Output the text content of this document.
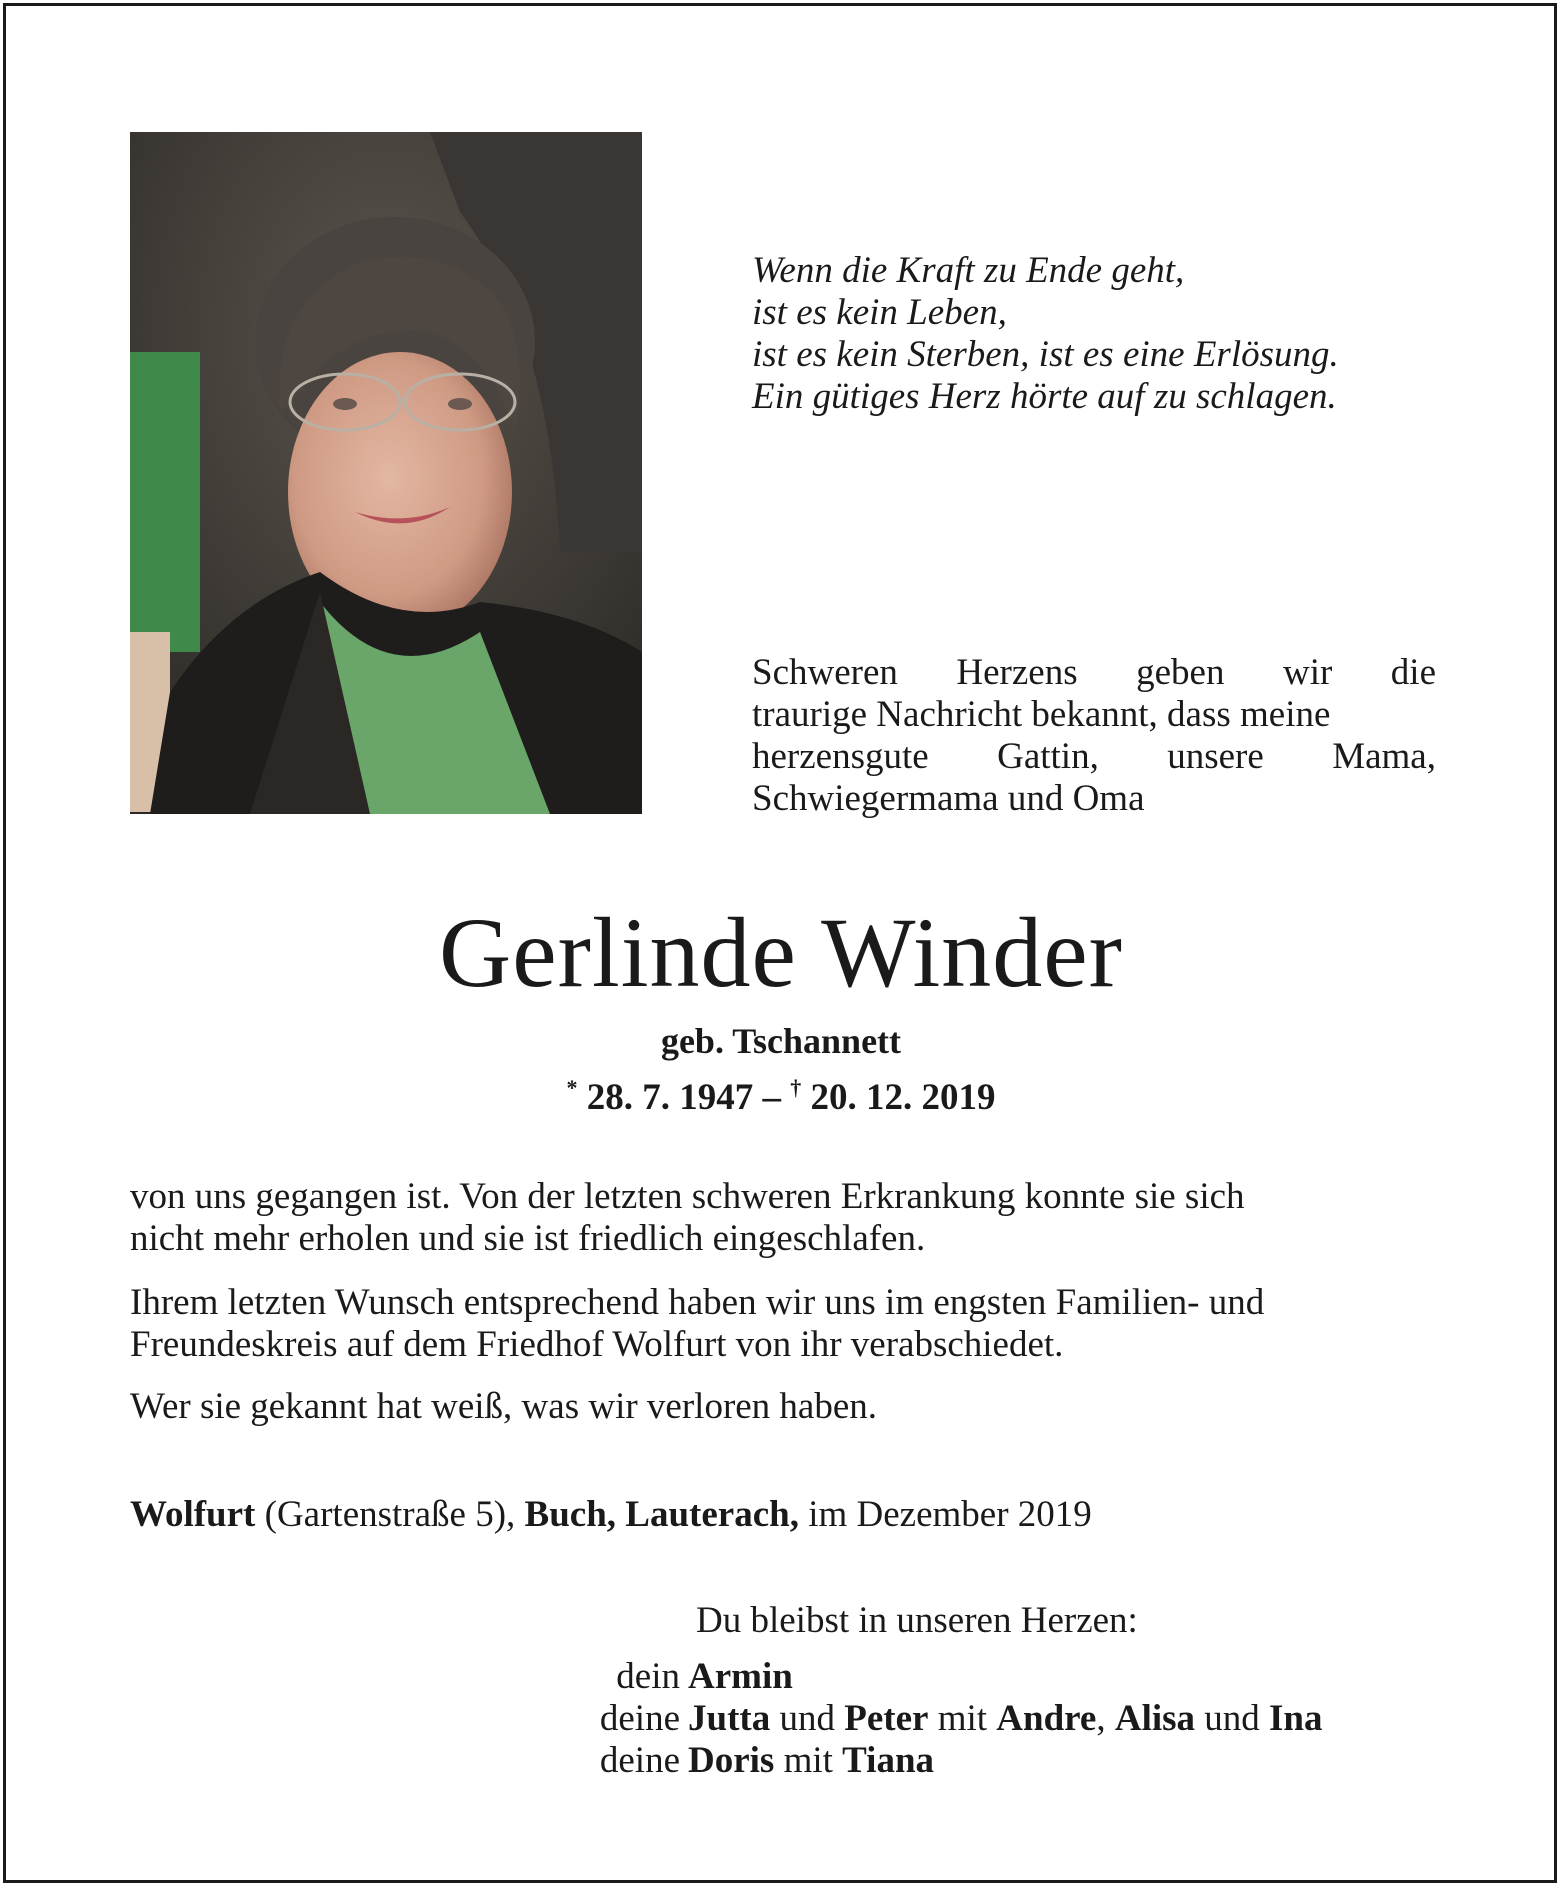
Wenn die Kraft zu Ende geht,
ist es kein Leben,
ist es kein Sterben, ist es eine Erlösung.
Ein gütiges Herz hörte auf zu schlagen.
Schweren Herzens geben wir die
traurige Nachricht bekannt, dass meine
herzensgute Gattin, unsere Mama,
Schwiegermama und Oma
Gerlinde Winder
geb. Tschannett
* 28. 7. 1947 – † 20. 12. 2019
von uns gegangen ist. Von der letzten schweren Erkrankung konnte sie sich
nicht mehr erholen und sie ist friedlich eingeschlafen.
Ihrem letzten Wunsch entsprechend haben wir uns im engsten Familien- und
Freundeskreis auf dem Friedhof Wolfurt von ihr verabschiedet.
Wer sie gekannt hat weiß, was wir verloren haben.
Wolfurt (Gartenstraße 5), Buch, Lauterach, im Dezember 2019
Du bleibst in unseren Herzen:
dein Armin
deine Jutta und Peter mit Andre, Alisa und Ina
deine Doris mit Tiana
